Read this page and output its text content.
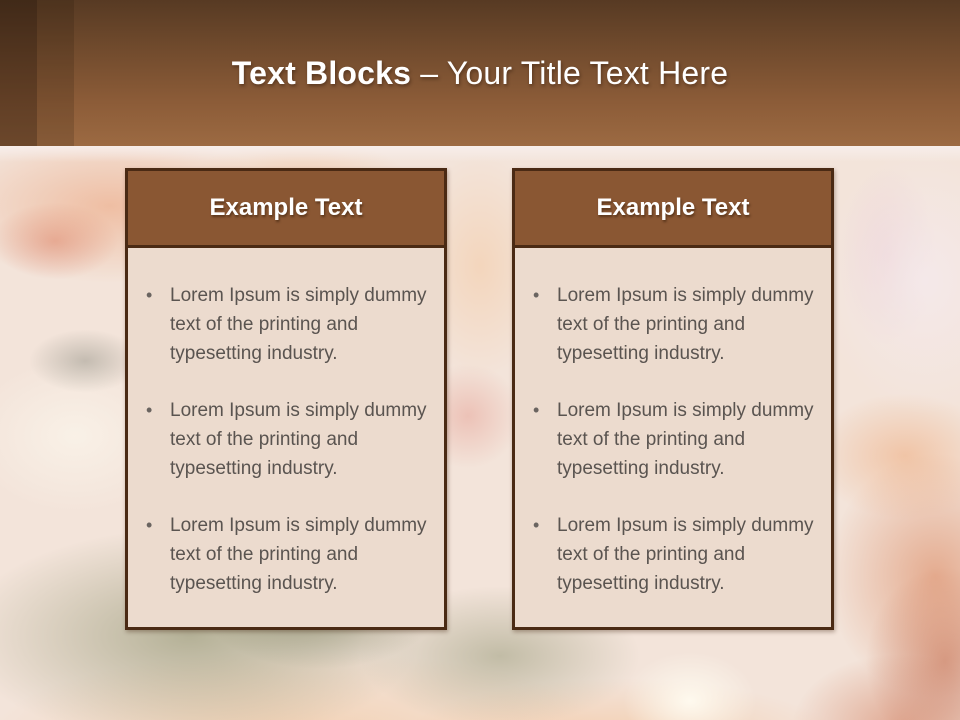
Text Blocks – Your Title Text Here
Example Text
•
Lorem Ipsum is simply dummy text of the printing and typesetting industry.
•
Lorem Ipsum is simply dummy text of the printing and typesetting industry.
•
Lorem Ipsum is simply dummy text of the printing and typesetting industry.
Example Text
•
Lorem Ipsum is simply dummy text of the printing and typesetting industry.
•
Lorem Ipsum is simply dummy text of the printing and typesetting industry.
•
Lorem Ipsum is simply dummy text of the printing and typesetting industry.
